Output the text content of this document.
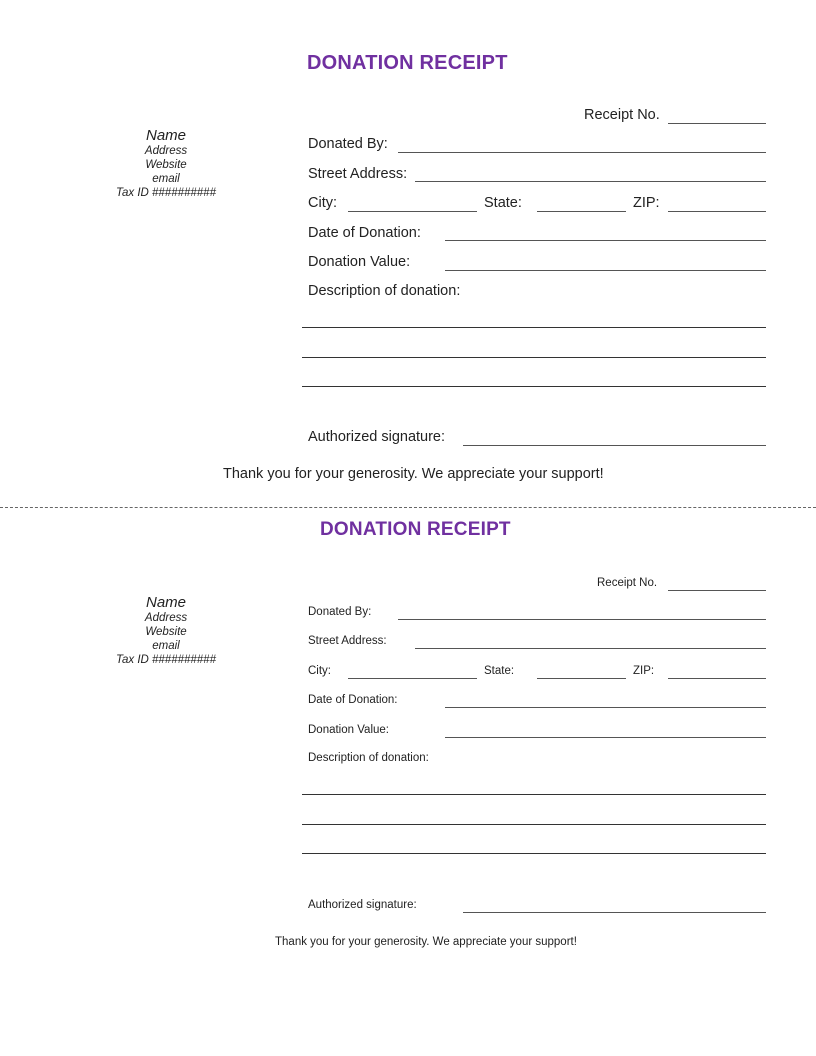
DONATION RECEIPT
Name
Address
Website
email
Tax ID ##########
Receipt No.
Donated By:
Street Address:
City:	State:	ZIP:
Date of Donation:
Donation Value:
Description of donation:
Authorized signature:
Thank you for your generosity. We appreciate your support!
DONATION RECEIPT
Name
Address
Website
email
Tax ID ##########
Receipt No.
Donated By:
Street Address:
City:	State:	ZIP:
Date of Donation:
Donation Value:
Description of donation:
Authorized signature:
Thank you for your generosity. We appreciate your support!
